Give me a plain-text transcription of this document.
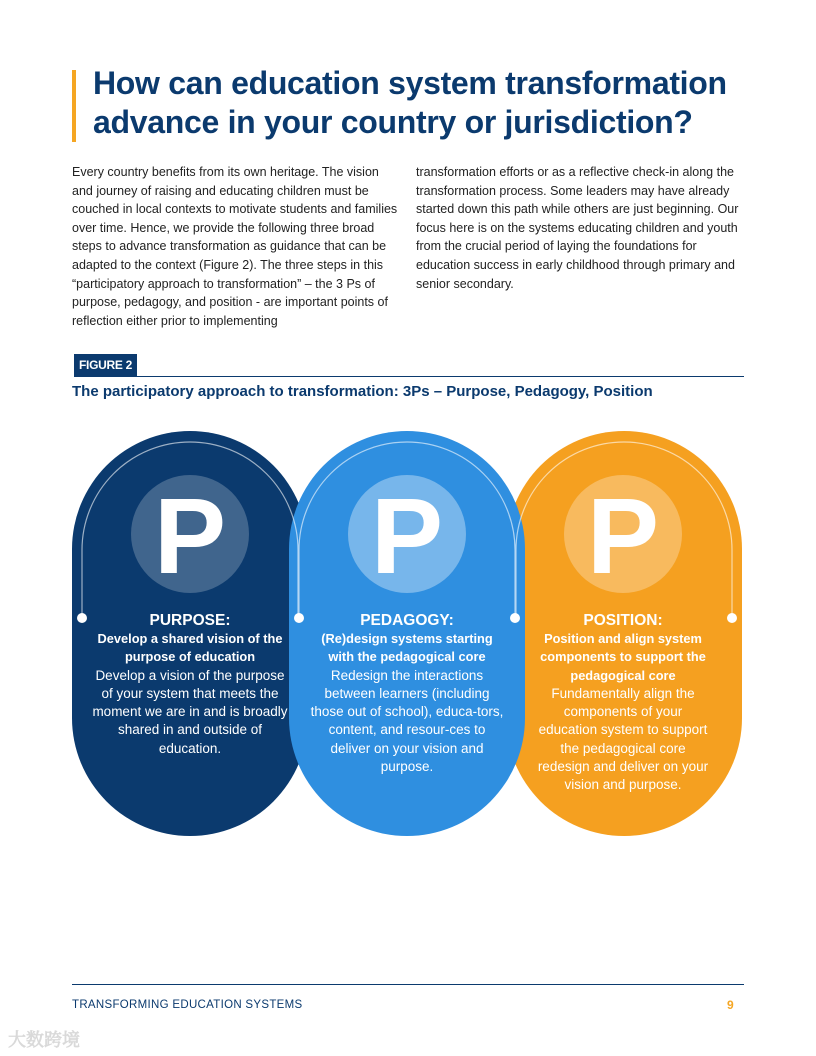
How can education system transformation advance in your country or jurisdiction?

Every country benefits from its own heritage. The vision and journey of raising and educating children must be couched in local contexts to motivate students and families over time. Hence, we provide the following three broad steps to advance transformation as guidance that can be adapted to the context (Figure 2). The three steps in this “participatory approach to transformation” – the 3 Ps of purpose, pedagogy, and position - are important points of reflection either prior to implementing

transformation efforts or as a reflective check-in along the transformation process. Some leaders may have already started down this path while others are just beginning. Our focus here is on the systems educating children and youth from the crucial period of laying the foundations for education success in early childhood through primary and senior secondary.

FIGURE 2
The participatory approach to transformation: 3Ps – Purpose, Pedagogy, Position
P P P
PURPOSE:
Develop a shared vision of the purpose of education
Develop a vision of the purpose of your system that meets the moment we are in and is broadly shared in and outside of education.
PEDAGOGY:
(Re)design systems starting with the pedagogical core
Redesign the interactions between learners (including those out of school), educa-tors, content, and resour-ces to deliver on your vision and purpose.
POSITION:
Position and align system components to support the pedagogical core
Fundamentally align the components of your education system to support the pedagogical core redesign and deliver on your vision and purpose.
TRANSFORMING EDUCATION SYSTEMS	9
大数跨境
